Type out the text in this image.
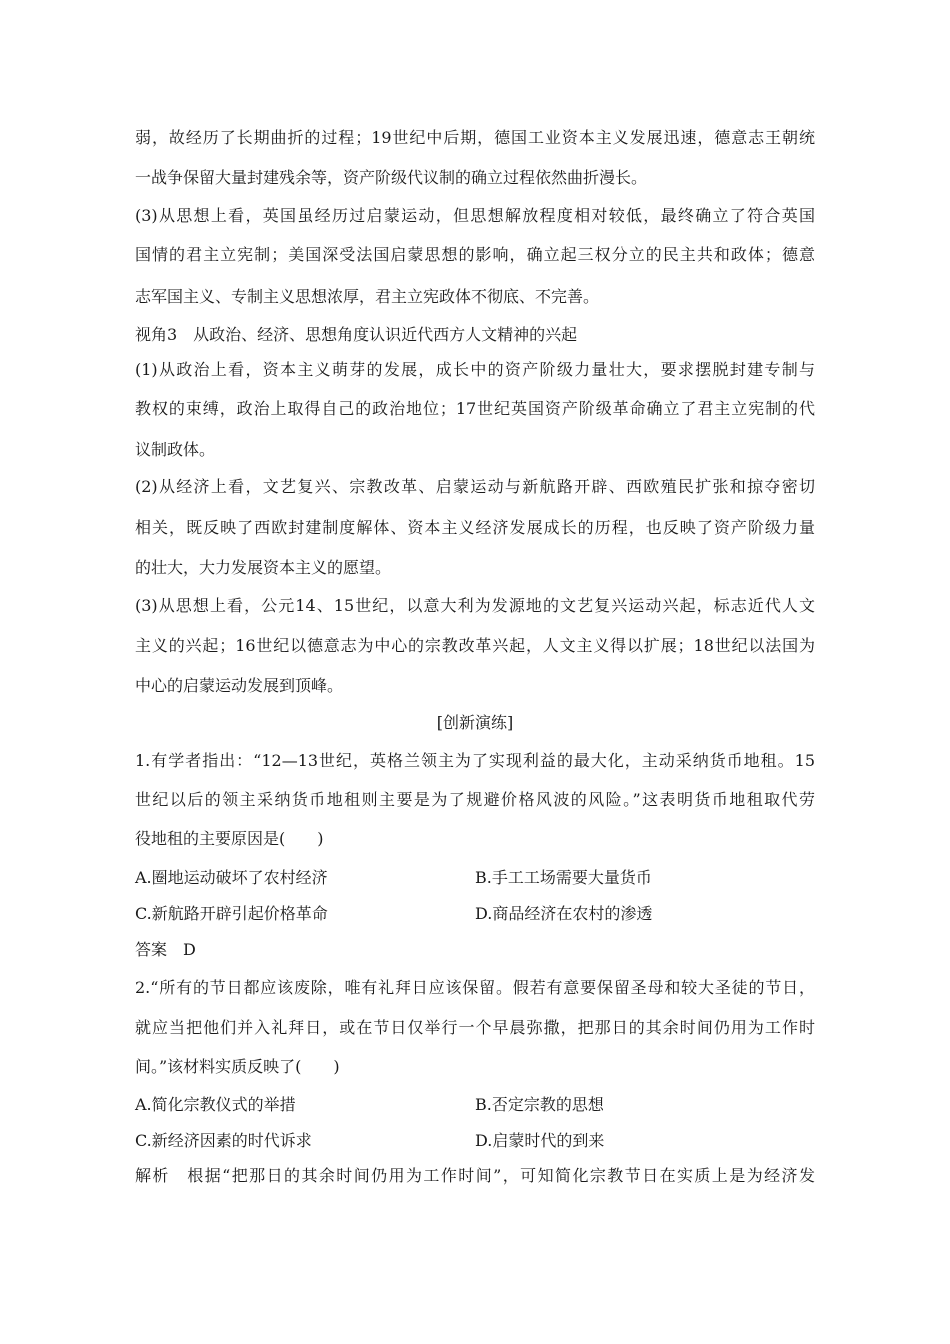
弱，故经历了长期曲折的过程；19世纪中后期，德国工业资本主义发展迅速，德意志王朝统
一战争保留大量封建残余等，资产阶级代议制的确立过程依然曲折漫长。
(3)从思想上看，英国虽经历过启蒙运动，但思想解放程度相对较低，最终确立了符合英国
国情的君主立宪制；美国深受法国启蒙思想的影响，确立起三权分立的民主共和政体；德意
志军国主义、专制主义思想浓厚，君主立宪政体不彻底、不完善。
视角3　从政治、经济、思想角度认识近代西方人文精神的兴起
(1)从政治上看，资本主义萌芽的发展，成长中的资产阶级力量壮大，要求摆脱封建专制与
教权的束缚，政治上取得自己的政治地位；17世纪英国资产阶级革命确立了君主立宪制的代
议制政体。
(2)从经济上看，文艺复兴、宗教改革、启蒙运动与新航路开辟、西欧殖民扩张和掠夺密切
相关，既反映了西欧封建制度解体、资本主义经济发展成长的历程，也反映了资产阶级力量
的壮大，大力发展资本主义的愿望。
(3)从思想上看，公元14、15世纪，以意大利为发源地的文艺复兴运动兴起，标志近代人文
主义的兴起；16世纪以德意志为中心的宗教改革兴起，人文主义得以扩展；18世纪以法国为
中心的启蒙运动发展到顶峰。
[创新演练]
1.有学者指出：“12—13世纪，英格兰领主为了实现利益的最大化，主动采纳货币地租。15
世纪以后的领主采纳货币地租则主要是为了规避价格风波的风险。”这表明货币地租取代劳
役地租的主要原因是(　　)
A.圈地运动破坏了农村经济	B.手工工场需要大量货币
C.新航路开辟引起价格革命	D.商品经济在农村的渗透
答案　D
2.“所有的节日都应该废除，唯有礼拜日应该保留。假若有意要保留圣母和较大圣徒的节日，
就应当把他们并入礼拜日，或在节日仅举行一个早晨弥撒，把那日的其余时间仍用为工作时
间。”该材料实质反映了(　　)
A.简化宗教仪式的举措	B.否定宗教的思想
C.新经济因素的时代诉求	D.启蒙时代的到来
解析　根据“把那日的其余时间仍用为工作时间”，可知简化宗教节日在实质上是为经济发
